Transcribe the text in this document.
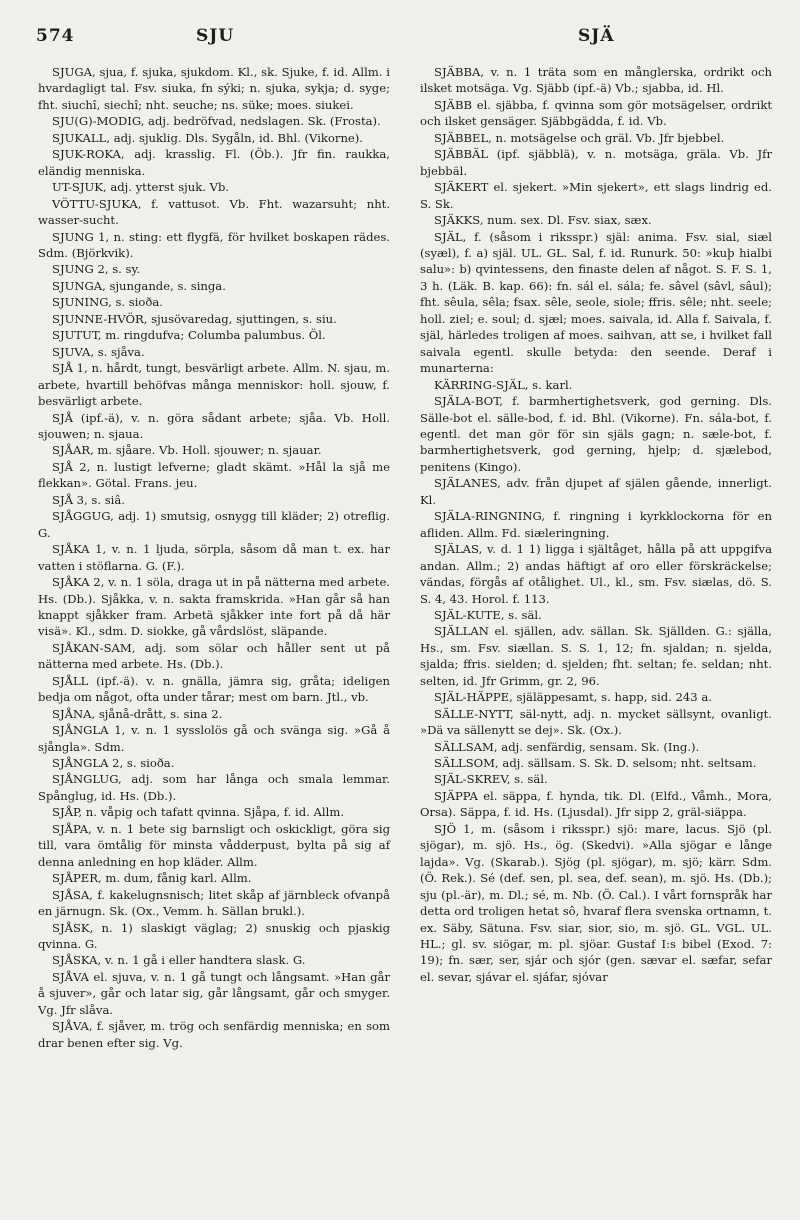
574	SJU	SJÄ

SJUGA, sjua, f. sjuka, sjukdom. Kl., sk. Sjuke, f. id. Allm. i hvardagligt tal. Fsv. siuka, fn sýki; n. sjuka, sykja; d. syge; fht. siuchî, siechî; nht. seuche; ns. süke; moes. siukei.

SJU(G)-MODIG, adj. bedröfvad, nedslagen. Sk. (Frosta).

SJUKALL, adj. sjuklig. Dls. Sygåln, id. Bhl. (Vikorne).

SJUK-ROKA, adj. krasslig. Fl. (Öb.). Jfr fin. raukka, eländig menniska.

UT-SJUK, adj. ytterst sjuk. Vb.

VÖTTU-SJUKA, f. vattusot. Vb. Fht. wazarsuht; nht. wasser-sucht.

SJUNG 1, n. sting: ett flygfä, för hvilket boskapen rädes. Sdm. (Björkvik).

SJUNG 2, s. sy.

SJUNGA, sjungande, s. singa.

SJUNING, s. sioða.

SJUNNE-HVÖR, sjusövaredag, sjuttingen, s. siu.

SJUTUT, m. ringdufva; Columba palumbus. Öl.

SJUVA, s. sjåva.

SJÅ 1, n. hårdt, tungt, besvärligt arbete. Allm. N. sjau, m. arbete, hvartill behöfvas många menniskor: holl. sjouw, f. besvärligt arbete.

SJÅ (ipf.-ä), v. n. göra sådant arbete; sjåa. Vb. Holl. sjouwen; n. sjaua.

SJÅAR, m. sjåare. Vb. Holl. sjouwer; n. sjauar.

SJÅ 2, n. lustigt lefverne; gladt skämt. »Hål la sjå me flekkan». Götal. Frans. jeu.

SJÅ 3, s. siâ.

SJÅGGUG, adj. 1) smutsig, osnygg till kläder; 2) otreflig. G.

SJÅKA 1, v. n. 1 ljuda, sörpla, såsom då man t. ex. har vatten i stöflarna. G. (F.).

SJÅKA 2, v. n. 1 söla, draga ut in på nätterna med arbete. Hs. (Db.). Sjåkka, v. n. sakta framskrida. »Han går så han knappt sjåkker fram. Arbetä sjåkker inte fort på då här visä». Kl., sdm. D. siokke, gå vårdslöst, släpande.

SJÅKAN-SAM, adj. som sölar och håller sent ut på nätterna med arbete. Hs. (Db.).

SJÅLL (ipf.-ä). v. n. gnälla, jämra sig, gråta; ideligen bedja om något, ofta under tårar; mest om barn. Jtl., vb.

SJÅNA, sjånå-drått, s. sina 2.

SJÅNGLA 1, v. n. 1 sysslolös gå och svänga sig. »Gå å sjångla». Sdm.

SJÅNGLA 2, s. sioða.

SJÅNGLUG, adj. som har långa och smala lemmar. Spånglug, id. Hs. (Db.).

SJÅP, n. våpig och tafatt qvinna. Sjåpa, f. id. Allm.

SJÅPA, v. n. 1 bete sig barnsligt och oskickligt, göra sig till, vara ömtålig för minsta vådderpust, bylta på sig af denna anledning en hop kläder. Allm.

SJÅPER, m. dum, fånig karl. Allm.

SJÅSA, f. kakelugnsnisch; litet skåp af järnbleck ofvanpå en järnugn. Sk. (Ox., Vemm. h. Sällan brukl.).

SJÅSK, n. 1) slaskigt väglag; 2) snuskig och pjaskig qvinna. G.

SJÅSKA, v. n. 1 gå i eller handtera slask. G.

SJÅVA el. sjuva, v. n. 1 gå tungt och långsamt. »Han går å sjuver», går och latar sig, går långsamt, går och smyger. Vg. Jfr slåva.

SJÅVA, f. sjåver, m. trög och senfärdig menniska; en som drar benen efter sig. Vg.

SJÄBBA, v. n. 1 träta som en månglerska, ordrikt och ilsket motsäga. Vg. Sjäbb (ipf.-ä) Vb.; sjabba, id. Hl.

SJÄBB el. sjäbba, f. qvinna som gör motsägelser, ordrikt och ilsket gensäger. Sjäbbgädda, f. id. Vb.

SJÄBBEL, n. motsägelse och gräl. Vb. Jfr bjebbel.

SJÄBBÄL (ipf. sjäbblä), v. n. motsäga, gräla. Vb. Jfr bjebbäl.

SJÄKERT el. sjekert. »Min sjekert», ett slags lindrig ed. S. Sk.

SJÄKKS, num. sex. Dl. Fsv. siax, sæx.

SJÄL, f. (såsom i riksspr.) själ: anima. Fsv. sial, siæl (syæl), f. a) själ. UL. GL. Sal, f. id. Runurk. 50: »kuþ hialbi salu»: b) qvintessens, den finaste delen af något. S. F. S. 1, 3 h. (Läk. B. kap. 66): fn. sál el. sála; fe. sâvel (sâvl, sâul); fht. sêula, sêla; fsax. sêle, seole, siole; ffris. sêle; nht. seele; holl. ziel; e. soul; d. sjæl; moes. saivala, id. Alla f. Saivala, f. själ, härledes troligen af moes. saihvan, att se, i hvilket fall saivala egentl. skulle betyda: den seende. Deraf i munarterna:

KÄRRING-SJÄL, s. karl.

SJÄLA-BOT, f. barmhertighetsverk, god gerning. Dls. Sälle-bot el. sälle-bod, f. id. Bhl. (Vikorne). Fn. sála-bot, f. egentl. det man gör för sin själs gagn; n. sæle-bot, f. barmhertighetsverk, god gerning, hjelp; d. sjælebod, penitens (Kingo).

SJÄLANES, adv. från djupet af själen gående, innerligt. Kl.

SJÄLA-RINGNING, f. ringning i kyrkklockorna för en afliden. Allm. Fd. siæleringning.

SJÄLAS, v. d. 1 1) ligga i själtåget, hålla på att uppgifva andan. Allm.; 2) andas häftigt af oro eller förskräckelse; vändas, förgås af otålighet. Ul., kl., sm. Fsv. siælas, dö. S. S. 4, 43. Horol. f. 113.

SJÄL-KUTE, s. säl.

SJÄLLAN el. själlen, adv. sällan. Sk. Själlden. G.: själla, Hs., sm. Fsv. siællan. S. S. 1, 12; fn. sjaldan; n. sjelda, sjalda; ffris. sielden; d. sjelden; fht. seltan; fe. seldan; nht. selten, id. Jfr Grimm, gr. 2, 96.

SJÄL-HÄPPE, själäppesamt, s. happ, sid. 243 a.

SÄLLE-NYTT, säl-nytt, adj. n. mycket sällsynt, ovanligt. »Dä va sällenytt se dej». Sk. (Ox.).

SÄLLSAM, adj. senfärdig, sensam. Sk. (Ing.).

SÄLLSOM, adj. sällsam. S. Sk. D. selsom; nht. seltsam.

SJÄL-SKREV, s. säl.

SJÄPPA el. säppa, f. hynda, tik. Dl. (Elfd., Våmh., Mora, Orsa). Säppa, f. id. Hs. (Ljusdal). Jfr sipp 2, gräl-siäppa.

SJÖ 1, m. (såsom i riksspr.) sjö: mare, lacus. Sjö (pl. sjögar), m. sjö. Hs., ög. (Skedvi). »Alla sjögar e långe lajda». Vg. (Skarab.). Sjög (pl. sjögar), m. sjö; kärr. Sdm. (Ö. Rek.). Sé (def. sen, pl. sea, def. sean), m. sjö. Hs. (Db.); sju (pl.-är), m. Dl.; sé, m. Nb. (Ö. Cal.). I vårt fornspråk har detta ord troligen hetat sô, hvaraf flera svenska ortnamn, t. ex. Säby, Sätuna. Fsv. siar, sior, sio, m. sjö. GL. VGL. UL. HL.; gl. sv. siögar, m. pl. sjöar. Gustaf I:s bibel (Exod. 7: 19); fn. sær, ser, sjár och sjór (gen. sævar el. sæfar, sefar el. sevar, sjávar el. sjáfar, sjóvar
